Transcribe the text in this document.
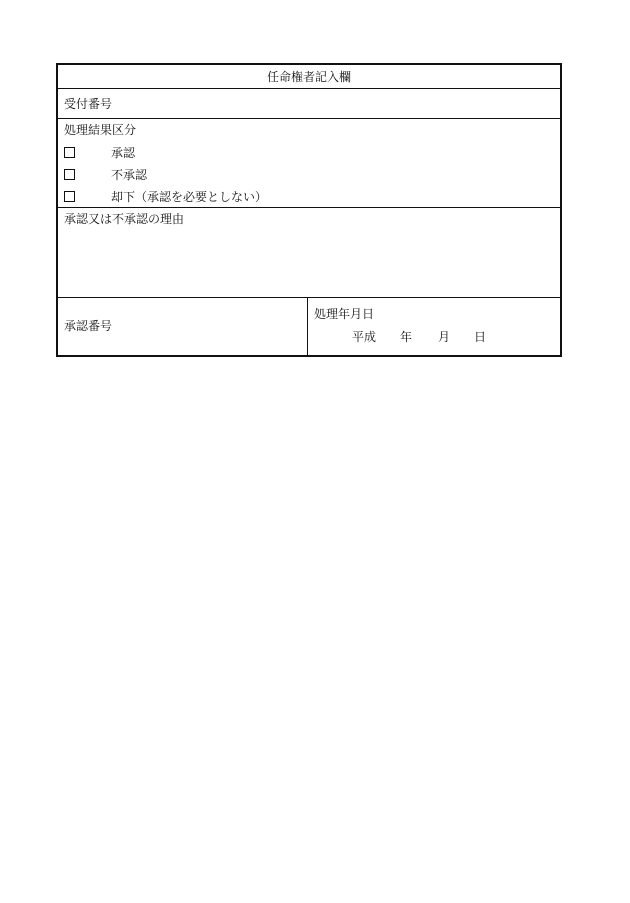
任命権者記入欄
受付番号
処理結果区分
承認
不承認
却下（承認を必要としない）
承認又は不承認の理由
承認番号
処理年月日
平成 年 月 日
